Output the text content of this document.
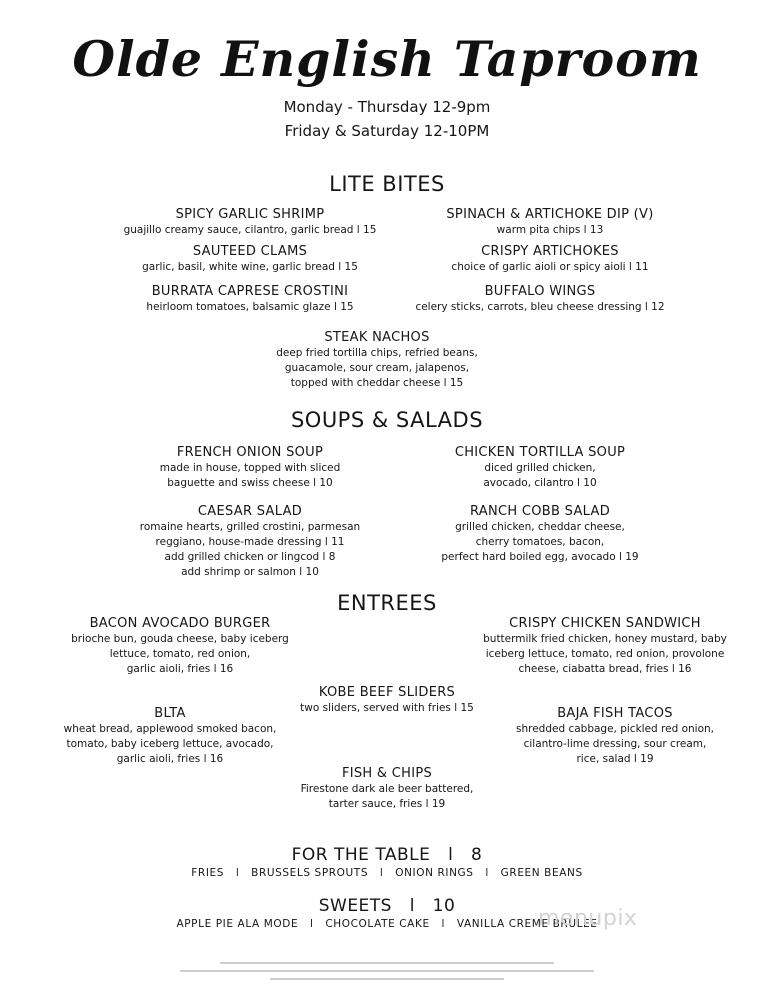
Olde English Taproom
Monday - Thursday 12-9pm
Friday & Saturday 12-10PM
LITE BITES
SPICY GARLIC SHRIMP
guajillo creamy sauce, cilantro, garlic bread l 15
SPINACH & ARTICHOKE DIP (V)
warm pita chips l 13
SAUTEED CLAMS
garlic, basil, white wine, garlic bread l 15
CRISPY ARTICHOKES
choice of garlic aioli or spicy aioli l 11
BURRATA CAPRESE CROSTINI
heirloom tomatoes, balsamic glaze l 15
BUFFALO WINGS
celery sticks, carrots, bleu cheese dressing l 12
STEAK NACHOS
deep fried tortilla chips, refried beans,
guacamole, sour cream, jalapenos,
topped with cheddar cheese l 15
SOUPS & SALADS
FRENCH ONION SOUP
made in house, topped with sliced
baguette and swiss cheese l 10
CHICKEN TORTILLA SOUP
diced grilled chicken,
avocado, cilantro l 10
CAESAR SALAD
romaine hearts, grilled crostini, parmesan
reggiano, house-made dressing l 11
add grilled chicken or lingcod l 8
add shrimp or salmon l 10
RANCH COBB SALAD
grilled chicken, cheddar cheese,
cherry tomatoes, bacon,
perfect hard boiled egg, avocado l 19
ENTREES
BACON AVOCADO BURGER
brioche bun, gouda cheese, baby iceberg
lettuce, tomato, red onion,
garlic aioli, fries l 16
CRISPY CHICKEN SANDWICH
buttermilk fried chicken, honey mustard, baby
iceberg lettuce, tomato, red onion, provolone
cheese, ciabatta bread, fries l 16
KOBE BEEF SLIDERS
two sliders, served with fries l 15
BLTA
wheat bread, applewood smoked bacon,
tomato, baby iceberg lettuce, avocado,
garlic aioli, fries l 16
BAJA FISH TACOS
shredded cabbage, pickled red onion,
cilantro-lime dressing, sour cream,
rice, salad l 19
FISH & CHIPS
Firestone dark ale beer battered,
tarter sauce, fries l 19
FOR THE TABLE   l   8
FRIES   l   BRUSSELS SPROUTS   l   ONION RINGS   l   GREEN BEANS
SWEETS   l   10
APPLE PIE ALA MODE   l   CHOCOLATE CAKE   l   VANILLA CREME BRULEE
menupix
